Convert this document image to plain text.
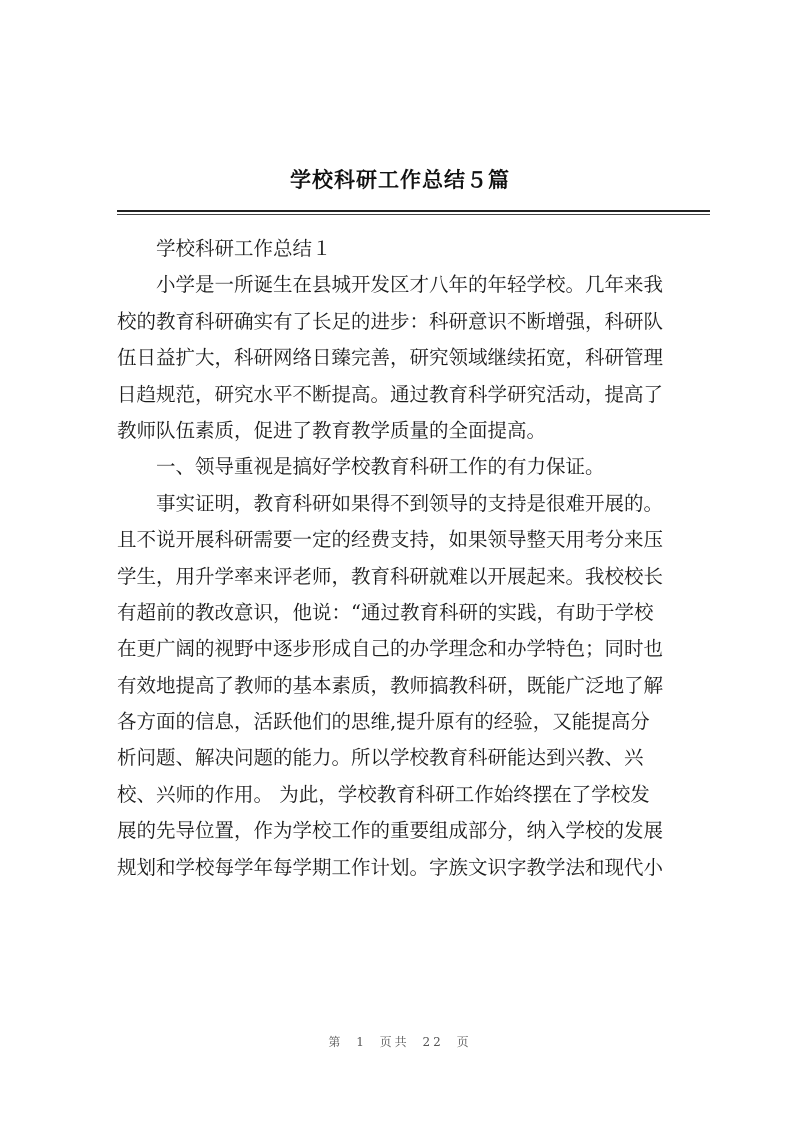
学校科研工作总结５篇
学校科研工作总结１
小学是一所诞生在县城开发区才八年的年轻学校。几年来我
校的教育科研确实有了长足的进步：科研意识不断增强，科研队
伍日益扩大，科研网络日臻完善，研究领域继续拓宽，科研管理
日趋规范，研究水平不断提高。通过教育科学研究活动，提高了
教师队伍素质，促进了教育教学质量的全面提高。
一、领导重视是搞好学校教育科研工作的有力保证。
事实证明，教育科研如果得不到领导的支持是很难开展的。
且不说开展科研需要一定的经费支持，如果领导整天用考分来压
学生，用升学率来评老师，教育科研就难以开展起来。我校校长
有超前的教改意识，他说：“通过教育科研的实践，有助于学校
在更广阔的视野中逐步形成自己的办学理念和办学特色；同时也
有效地提高了教师的基本素质，教师搞教科研，既能广泛地了解
各方面的信息，活跃他们的思维,提升原有的经验，又能提高分
析问题、解决问题的能力。所以学校教育科研能达到兴教、兴
校、兴师的作用。 为此，学校教育科研工作始终摆在了学校发
展的先导位置，作为学校工作的重要组成部分，纳入学校的发展
规划和学校每学年每学期工作计划。字族文识字教学法和现代小
第 1 页共 22 页
